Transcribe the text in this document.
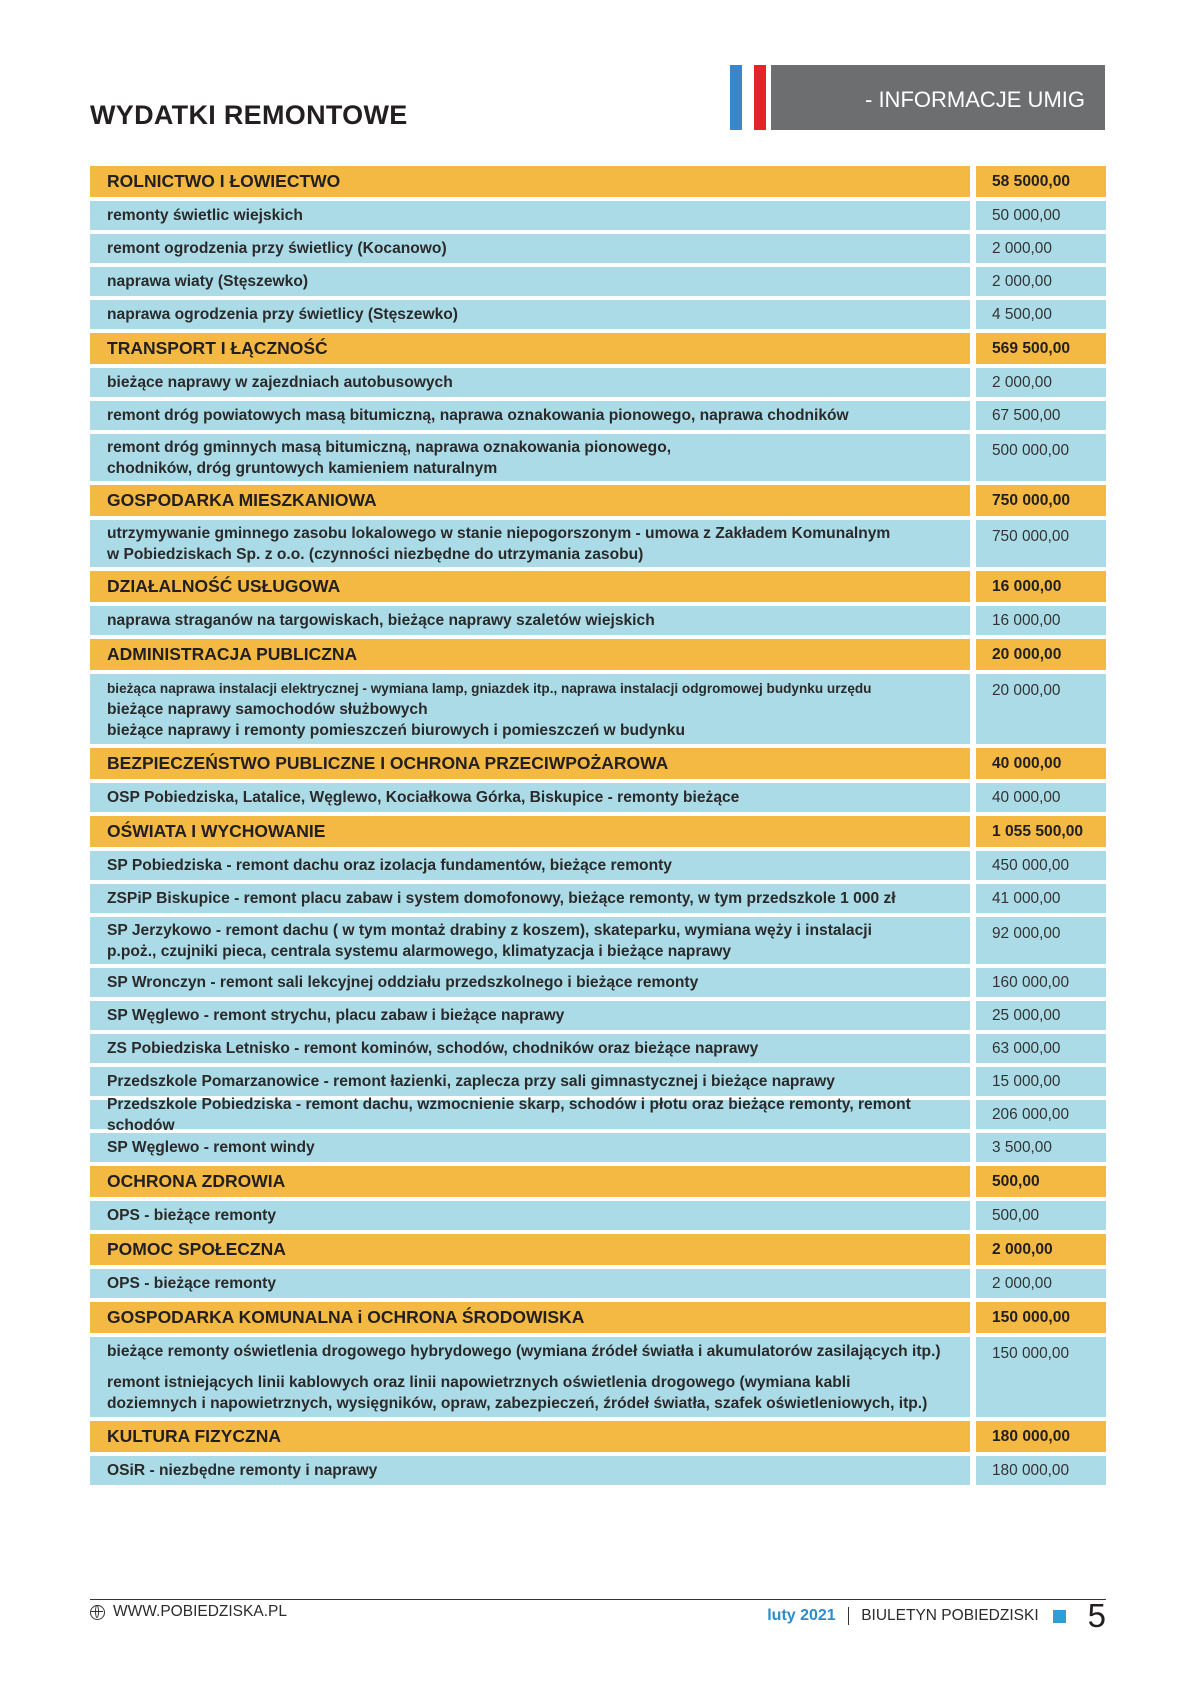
WYDATKI REMONTOWE
- INFORMACJE UMIG
ROLNICTWO I ŁOWIECTWO	58 5000,00
remonty świetlic wiejskich	50 000,00
remont ogrodzenia przy świetlicy (Kocanowo)	2 000,00
naprawa wiaty (Stęszewko)	2 000,00
naprawa ogrodzenia przy świetlicy (Stęszewko)	4 500,00
TRANSPORT I ŁĄCZNOŚĆ	569 500,00
bieżące naprawy w zajezdniach autobusowych	2 000,00
remont dróg powiatowych masą bitumiczną, naprawa oznakowania pionowego, naprawa chodników	67 500,00
remont dróg gminnych masą bitumiczną, naprawa oznakowania pionowego,
chodników, dróg gruntowych kamieniem naturalnym
500 000,00
GOSPODARKA MIESZKANIOWA	750 000,00
utrzymywanie gminnego zasobu lokalowego w stanie niepogorszonym - umowa z Zakładem Komunalnym
w Pobiedziskach Sp. z o.o. (czynności niezbędne do utrzymania zasobu)
750 000,00
DZIAŁALNOŚĆ USŁUGOWA	16 000,00
naprawa straganów na targowiskach, bieżące naprawy szaletów wiejskich	16 000,00
ADMINISTRACJA PUBLICZNA	20 000,00
bieżąca naprawa instalacji elektrycznej - wymiana lamp, gniazdek itp., naprawa instalacji odgromowej budynku urzędu
bieżące naprawy samochodów służbowych
bieżące naprawy i remonty pomieszczeń biurowych i pomieszczeń w budynku
20 000,00
BEZPIECZEŃSTWO PUBLICZNE I OCHRONA PRZECIWPOŻAROWA	40 000,00
OSP Pobiedziska, Latalice, Węglewo, Kociałkowa Górka, Biskupice - remonty bieżące	40 000,00
OŚWIATA I WYCHOWANIE	1 055 500,00
SP Pobiedziska - remont dachu oraz izolacja fundamentów, bieżące remonty	450 000,00
ZSPiP Biskupice - remont placu zabaw i system domofonowy, bieżące remonty, w tym przedszkole 1 000 zł	41 000,00
SP Jerzykowo - remont dachu ( w tym montaż drabiny z koszem), skateparku, wymiana węży i instalacji
p.poż., czujniki pieca, centrala systemu alarmowego, klimatyzacja i bieżące naprawy
92 000,00
SP Wronczyn - remont sali lekcyjnej oddziału przedszkolnego i bieżące remonty	160 000,00
SP Węglewo - remont strychu, placu zabaw i bieżące naprawy	25 000,00
ZS Pobiedziska Letnisko - remont kominów, schodów, chodników oraz bieżące naprawy	63 000,00
Przedszkole Pomarzanowice - remont łazienki, zaplecza przy sali gimnastycznej i bieżące naprawy	15 000,00
Przedszkole Pobiedziska - remont dachu, wzmocnienie skarp, schodów i płotu oraz bieżące remonty, remont schodów
206 000,00
SP Węglewo - remont windy	3 500,00
OCHRONA ZDROWIA	500,00
OPS - bieżące remonty	500,00
POMOC SPOŁECZNA	2 000,00
OPS - bieżące remonty	2 000,00
GOSPODARKA KOMUNALNA i OCHRONA ŚRODOWISKA	150 000,00
bieżące remonty oświetlenia drogowego hybrydowego (wymiana źródeł światła i akumulatorów zasilających itp.)
remont istniejących linii kablowych oraz linii napowietrznych oświetlenia drogowego (wymiana kabli
doziemnych i napowietrznych, wysięgników, opraw, zabezpieczeń, źródeł światła, szafek oświetleniowych, itp.)
150 000,00
KULTURA FIZYCZNA	180 000,00
OSiR - niezbędne remonty i naprawy	180 000,00
WWW.POBIEDZISKA.PL	luty 2021 BIULETYN POBIEDZISKI 5
